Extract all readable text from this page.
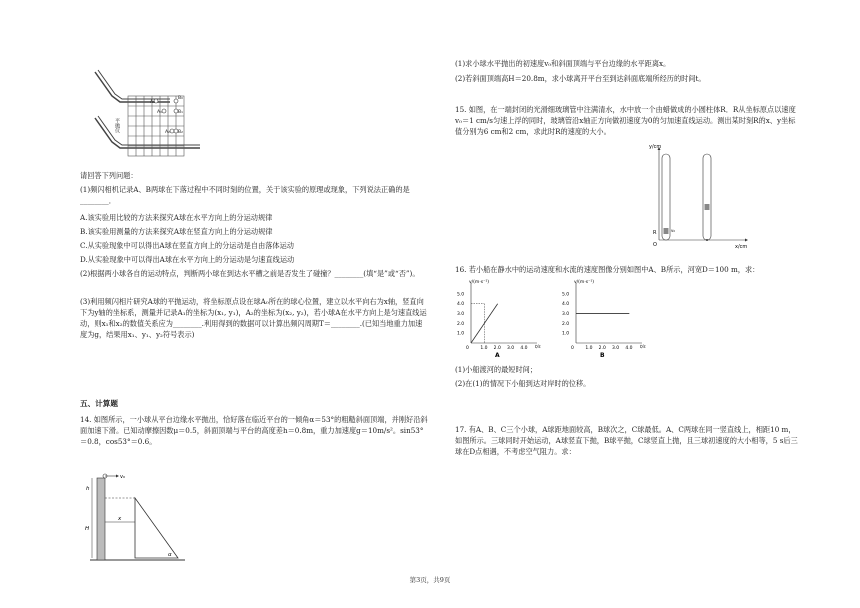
A₀
B₀
A₁	B₁
A₂ B₂
平抛仪

请回答下列问题：

(1)频闪相机记录A、B两球在下落过程中不同时刻的位置，关于该实验的原理或现象，下列说法正确的是________．

A.该实验用比较的方法来探究A球在水平方向上的分运动规律

B.该实验用测量的方法来探究A球在竖直方向上的分运动规律

C.从实验现象中可以得出A球在竖直方向上的分运动是自由落体运动

D.从实验现象中可以得出A球在水平方向上的分运动是匀速直线运动

(2)根据两小球各自的运动特点，判断两小球在到达水平槽之前是否发生了碰撞？________(填“是”或“否”)。

(3)利用频闪相片研究A球的平抛运动，将坐标原点设在球A₀所在的球心位置，建立以水平向右为x轴，竖直向下为y轴的坐标系，测量并记录A₁的坐标为(x₁, y₁)，A₂的坐标为(x₂, y₂)，若小球A在水平方向上是匀速直线运动，则x₁和x₂的数值关系应为________.利用得到的数据可以计算出频闪周期T＝________.(已知当地重力加速度为g，结果用x₁、y₁、y₂符号表示)

五、计算题

14. 如图所示，一小球从平台边缘水平抛出，恰好落在临近平台的一倾角α＝53°的粗糙斜面顶端，并刚好沿斜面加速下滑。已知动摩擦因数μ＝0.5，斜面顶端与平台的高度差h＝0.8m，重力加速度g＝10m/s²。sin53°＝0.8，cos53°＝0.6。

v₀
h
H
x
α

(1)求小球水平抛出的初速度v₀和斜面顶端与平台边缘的水平距离x。

(2)若斜面顶端高H＝20.8m，求小球离开平台至到达斜面底端所经历的时间t。

15. 如图，在一端封闭的光滑细玻璃管中注满清水，水中放一个由蜡做成的小圆柱体R．R从坐标原点以速度v₀＝1 cm/s匀速上浮的同时，玻璃管沿x轴正方向做初速度为0的匀加速直线运动。测出某时刻R的x、y坐标值分别为6 cm和2 cm，求此时R的速度的大小。

y/cm
x/cm
R
O
v₀

16. 若小船在静水中的运动速度和水流的速度图像分别如图中A、B所示，河宽D＝100 m，求：

v/(m·s⁻¹)
t/s
A
0
1.0
2.0
3.0
4.0
5.0
1.0 2.0 3.0 4.0
v/(m·s⁻¹)
t/s
B
0
1.0
2.0
3.0
4.0
5.0
1.0 2.0 3.0 4.0

(1)小船渡河的最短时间；

(2)在(1)的情况下小船到达对岸时的位移。

17. 有A、B、C三个小球，A球距地面较高，B球次之，C球最低。A、C两球在同一竖直线上，相距10 m，如图所示。三球同时开始运动，A球竖直下抛，B球平抛，C球竖直上抛，且三球初速度的大小相等，5 s后三球在D点相遇，不考虑空气阻力。求：

第3页，共9页
